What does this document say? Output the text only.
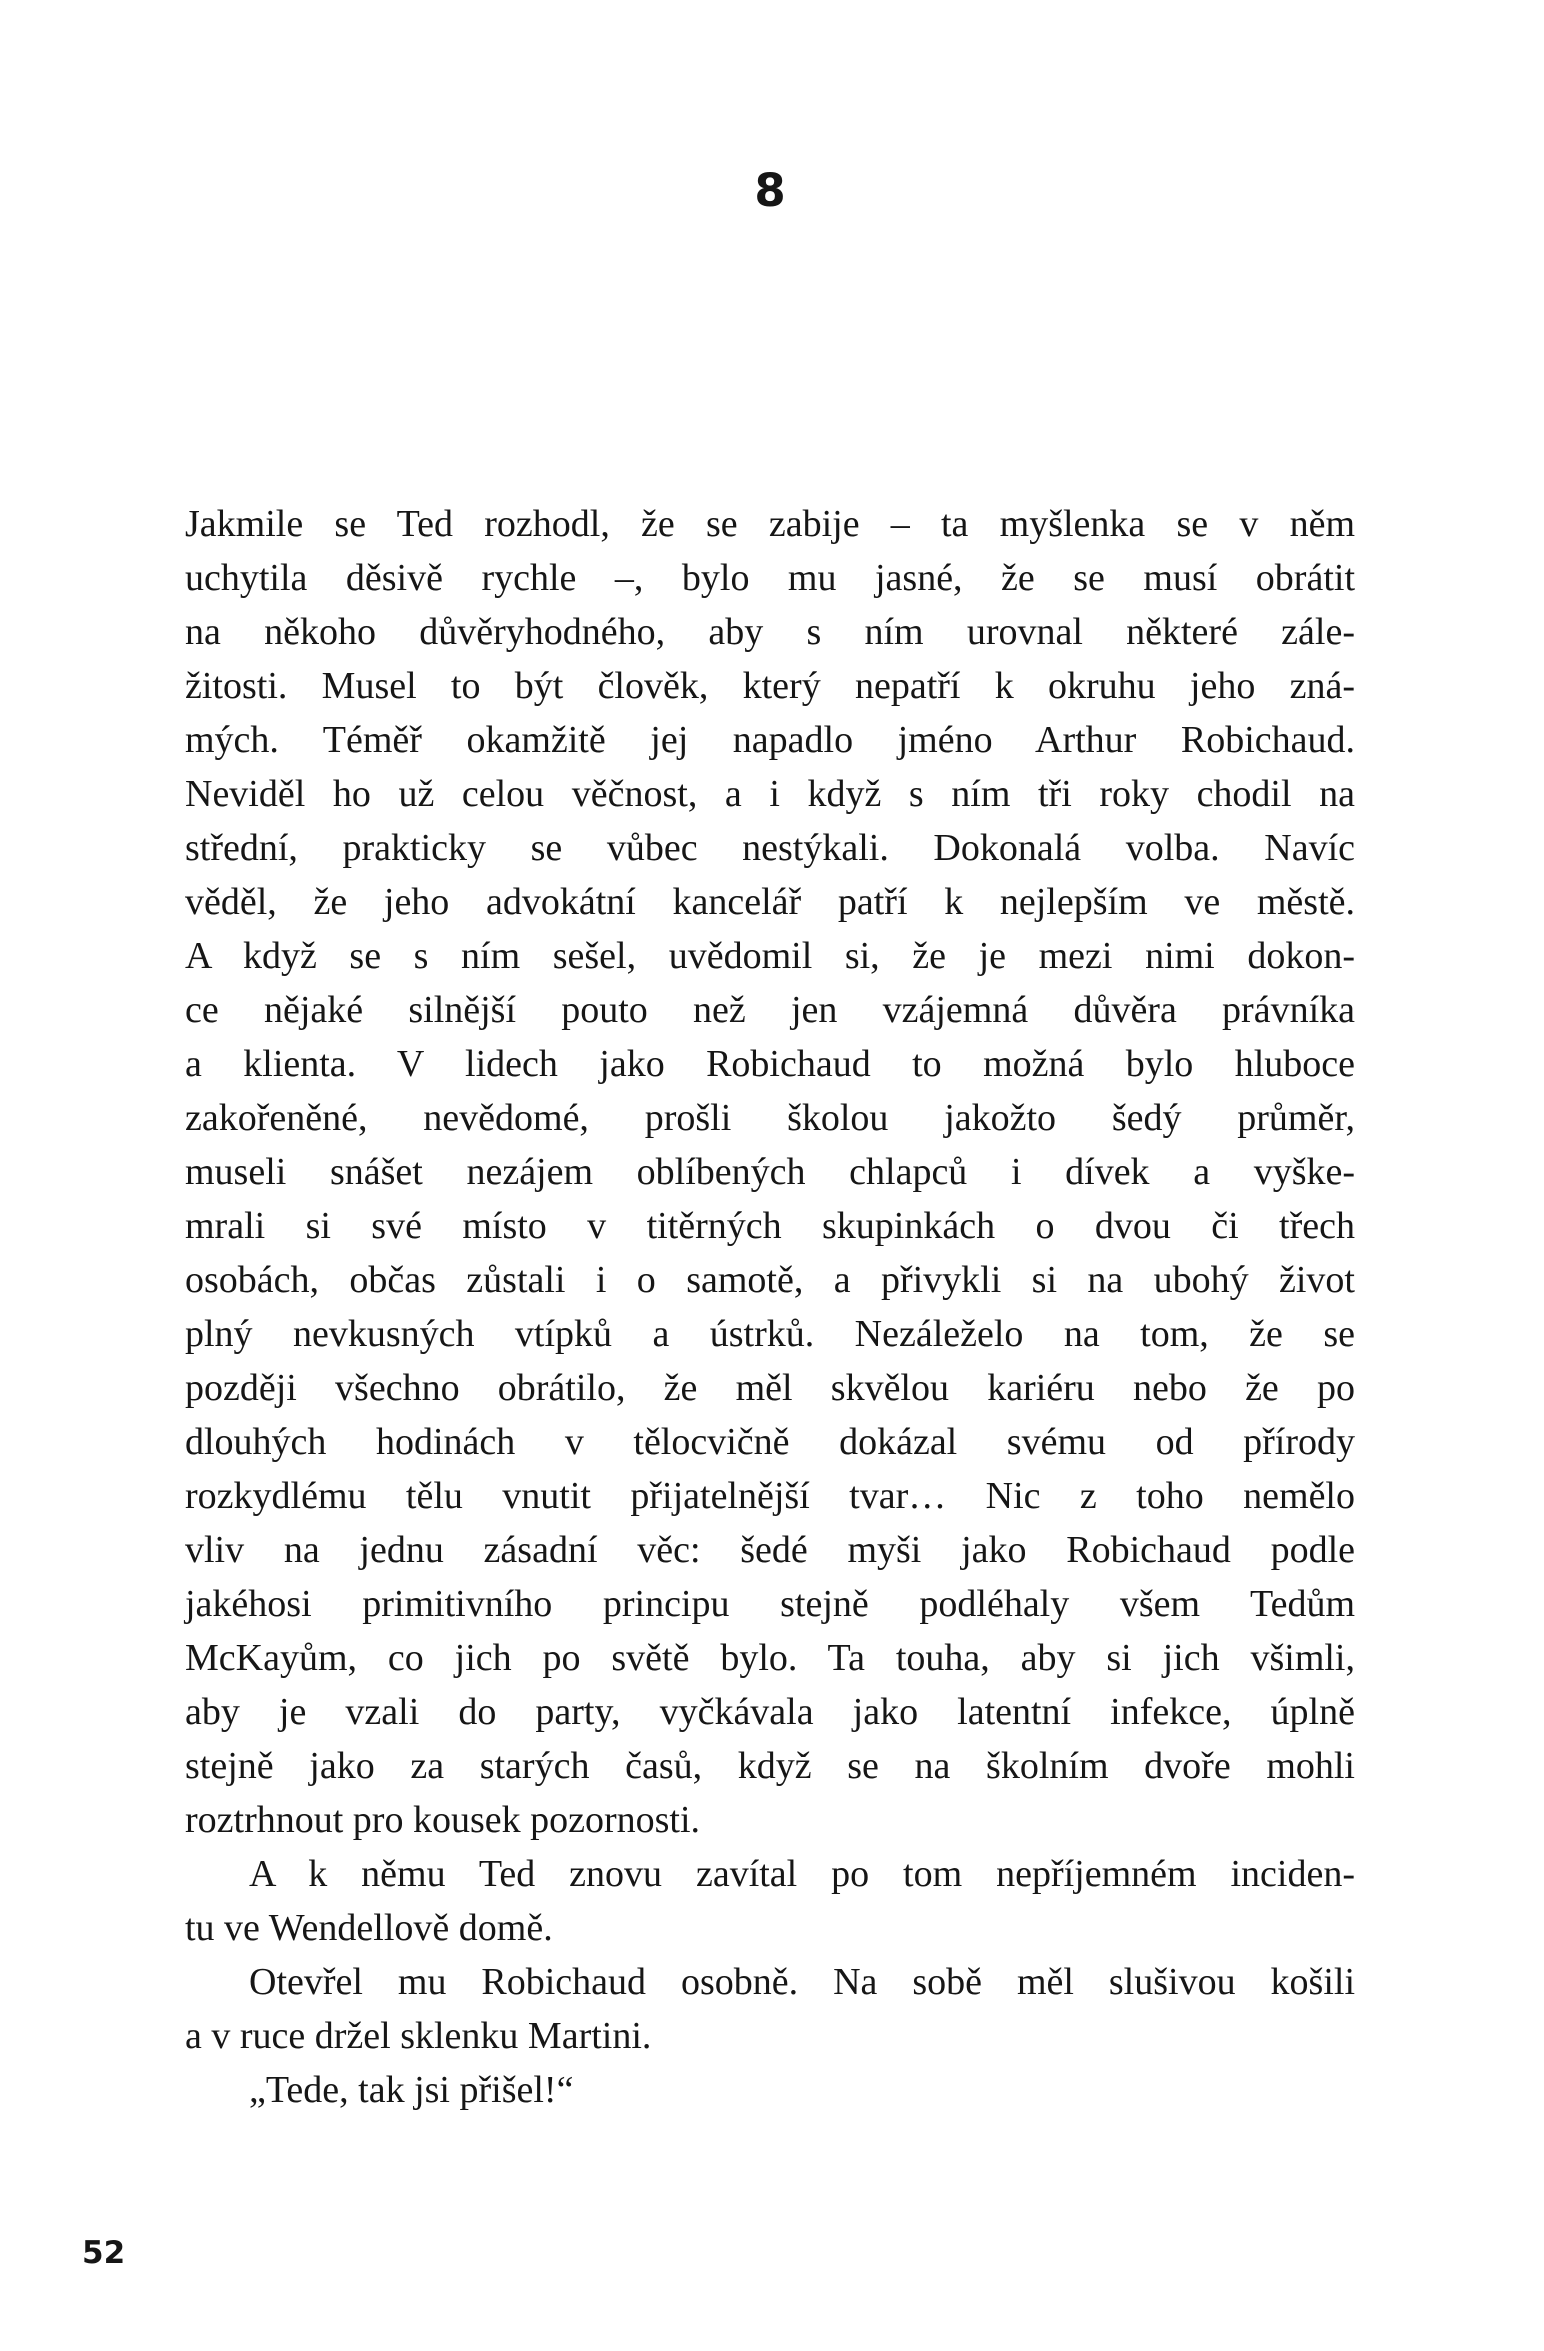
8
Jakmile se Ted rozhodl, že se zabije – ta myšlenka se v něm
uchytila děsivě rychle –, bylo mu jasné, že se musí obrátit
na někoho důvěryhodného, aby s ním urovnal některé zále-
žitosti. Musel to být člověk, který nepatří k okruhu jeho zná-
mých. Téměř okamžitě jej napadlo jméno Arthur Robichaud.
Neviděl ho už celou věčnost, a i když s ním tři roky chodil na
střední, prakticky se vůbec nestýkali. Dokonalá volba. Navíc
věděl, že jeho advokátní kancelář patří k nejlepším ve městě.
A když se s ním sešel, uvědomil si, že je mezi nimi dokon-
ce nějaké silnější pouto než jen vzájemná důvěra právníka
a klienta. V lidech jako Robichaud to možná bylo hluboce
zakořeněné, nevědomé, prošli školou jakožto šedý průměr,
museli snášet nezájem oblíbených chlapců i dívek a vyške-
mrali si své místo v titěrných skupinkách o dvou či třech
osobách, občas zůstali i o samotě, a přivykli si na ubohý život
plný nevkusných vtípků a ústrků. Nezáleželo na tom, že se
později všechno obrátilo, že měl skvělou kariéru nebo že po
dlouhých hodinách v tělocvičně dokázal svému od přírody
rozkydlému tělu vnutit přijatelnější tvar… Nic z toho nemělo
vliv na jednu zásadní věc: šedé myši jako Robichaud podle
jakéhosi primitivního principu stejně podléhaly všem Tedům
McKayům, co jich po světě bylo. Ta touha, aby si jich všimli,
aby je vzali do party, vyčkávala jako latentní infekce, úplně
stejně jako za starých časů, když se na školním dvoře mohli
roztrhnout pro kousek pozornosti.
A k němu Ted znovu zavítal po tom nepříjemném inciden-
tu ve Wendellově domě.
Otevřel mu Robichaud osobně. Na sobě měl slušivou košili
a v ruce držel sklenku Martini.
„Tede, tak jsi přišel!“
52
